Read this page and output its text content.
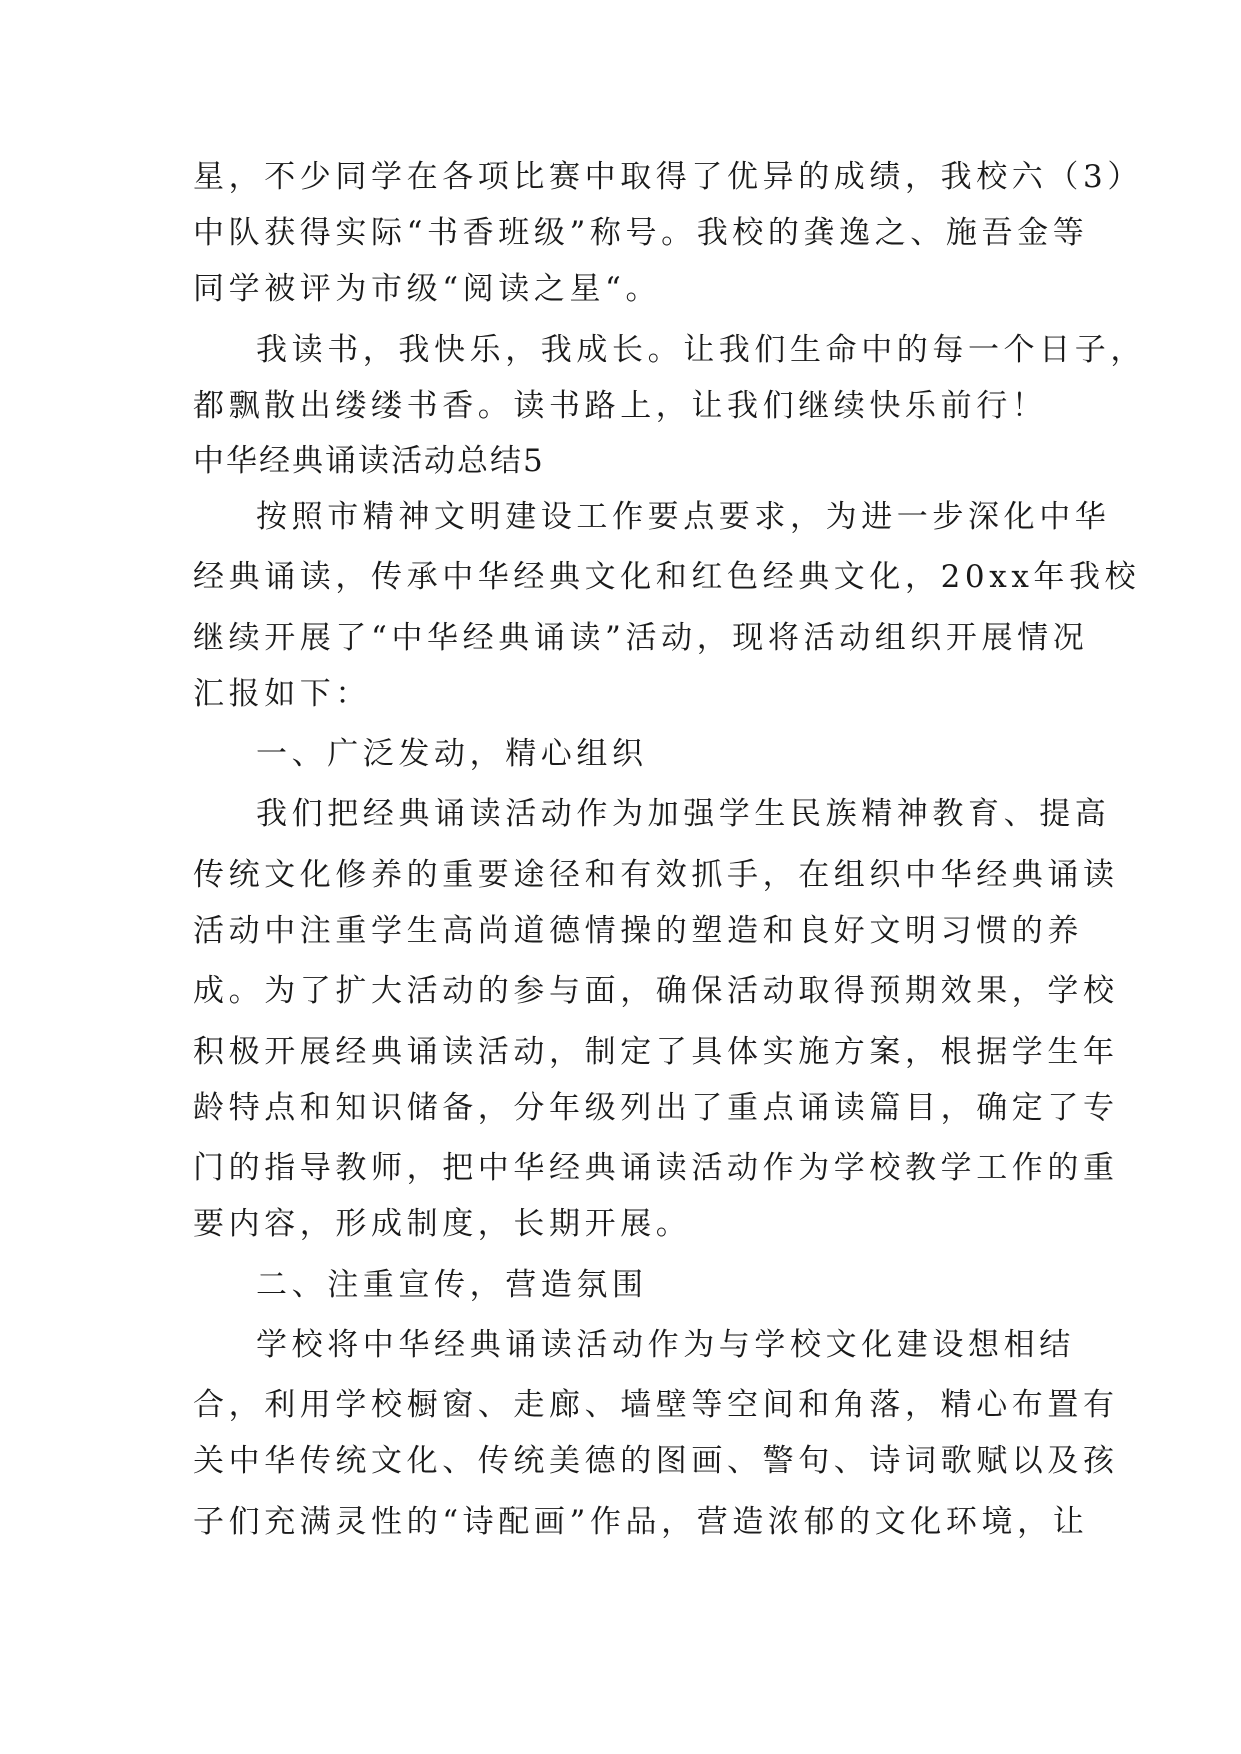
星，不少同学在各项比赛中取得了优异的成绩，我校六（3）
中队获得实际“书香班级”称号。我校的龚逸之、施吾金等
同学被评为市级“阅读之星“。
我读书，我快乐，我成长。让我们生命中的每一个日子，
都飘散出缕缕书香。读书路上，让我们继续快乐前行！
中华经典诵读活动总结5
按照市精神文明建设工作要点要求，为进一步深化中华
经典诵读，传承中华经典文化和红色经典文化，20xx年我校
继续开展了“中华经典诵读”活动，现将活动组织开展情况
汇报如下：
一、广泛发动，精心组织
我们把经典诵读活动作为加强学生民族精神教育、提高
传统文化修养的重要途径和有效抓手，在组织中华经典诵读
活动中注重学生高尚道德情操的塑造和良好文明习惯的养
成。为了扩大活动的参与面，确保活动取得预期效果，学校
积极开展经典诵读活动，制定了具体实施方案，根据学生年
龄特点和知识储备，分年级列出了重点诵读篇目，确定了专
门的指导教师，把中华经典诵读活动作为学校教学工作的重
要内容，形成制度，长期开展。
二、注重宣传，营造氛围
学校将中华经典诵读活动作为与学校文化建设想相结
合，利用学校橱窗、走廊、墙壁等空间和角落，精心布置有
关中华传统文化、传统美德的图画、警句、诗词歌赋以及孩
子们充满灵性的“诗配画”作品，营造浓郁的文化环境，让
